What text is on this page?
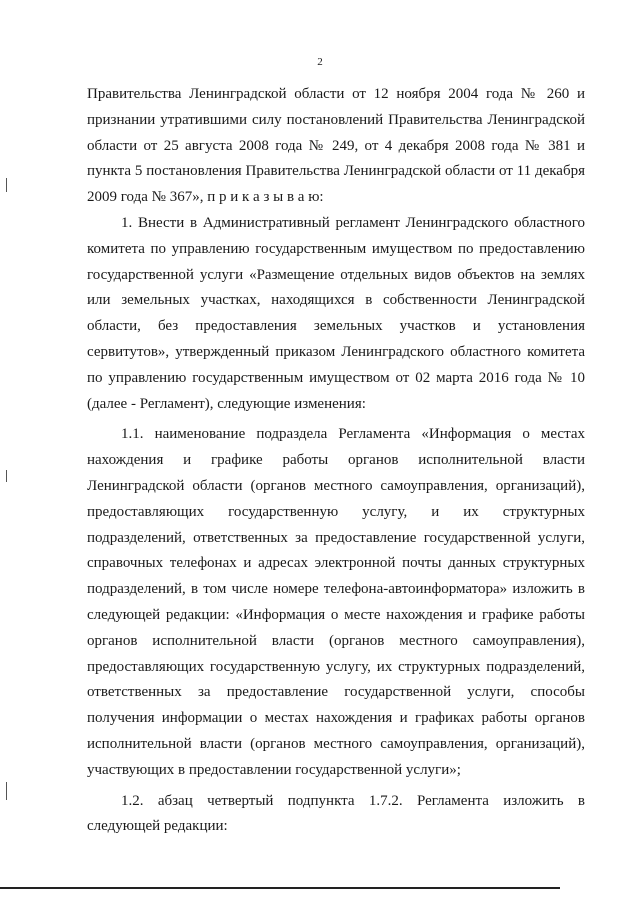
2

Правительства Ленинградской области от 12 ноября 2004 года № 260 и признании утратившими силу постановлений Правительства Ленинградской области от 25 августа 2008 года № 249, от 4 декабря 2008 года № 381 и пункта 5 постановления Правительства Ленинградской области от 11 декабря 2009 года № 367», п р и к а з ы в а ю:

1. Внести в Административный регламент Ленинградского областного комитета по управлению государственным имуществом по предоставлению государственной услуги «Размещение отдельных видов объектов на землях или земельных участках, находящихся в собственности Ленинградской области, без предоставления земельных участков и установления сервитутов», утвержденный приказом Ленинградского областного комитета по управлению государственным имуществом от 02 марта 2016 года № 10 (далее - Регламент), следующие изменения:

1.1. наименование подраздела Регламента «Информация о местах нахождения и графике работы органов исполнительной власти Ленинградской области (органов местного самоуправления, организаций), предоставляющих государственную услугу, и их структурных подразделений, ответственных за предоставление государственной услуги, справочных телефонах и адресах электронной почты данных структурных подразделений, в том числе номере телефона-автоинформатора» изложить в следующей редакции: «Информация о месте нахождения и графике работы органов исполнительной власти (органов местного самоуправления), предоставляющих государственную услугу, их структурных подразделений, ответственных за предоставление государственной услуги, способы получения информации о местах нахождения и графиках работы органов исполнительной власти (органов местного самоуправления, организаций), участвующих в предоставлении государственной услуги»;

1.2. абзац четвертый подпункта 1.7.2. Регламента изложить в следующей редакции:
